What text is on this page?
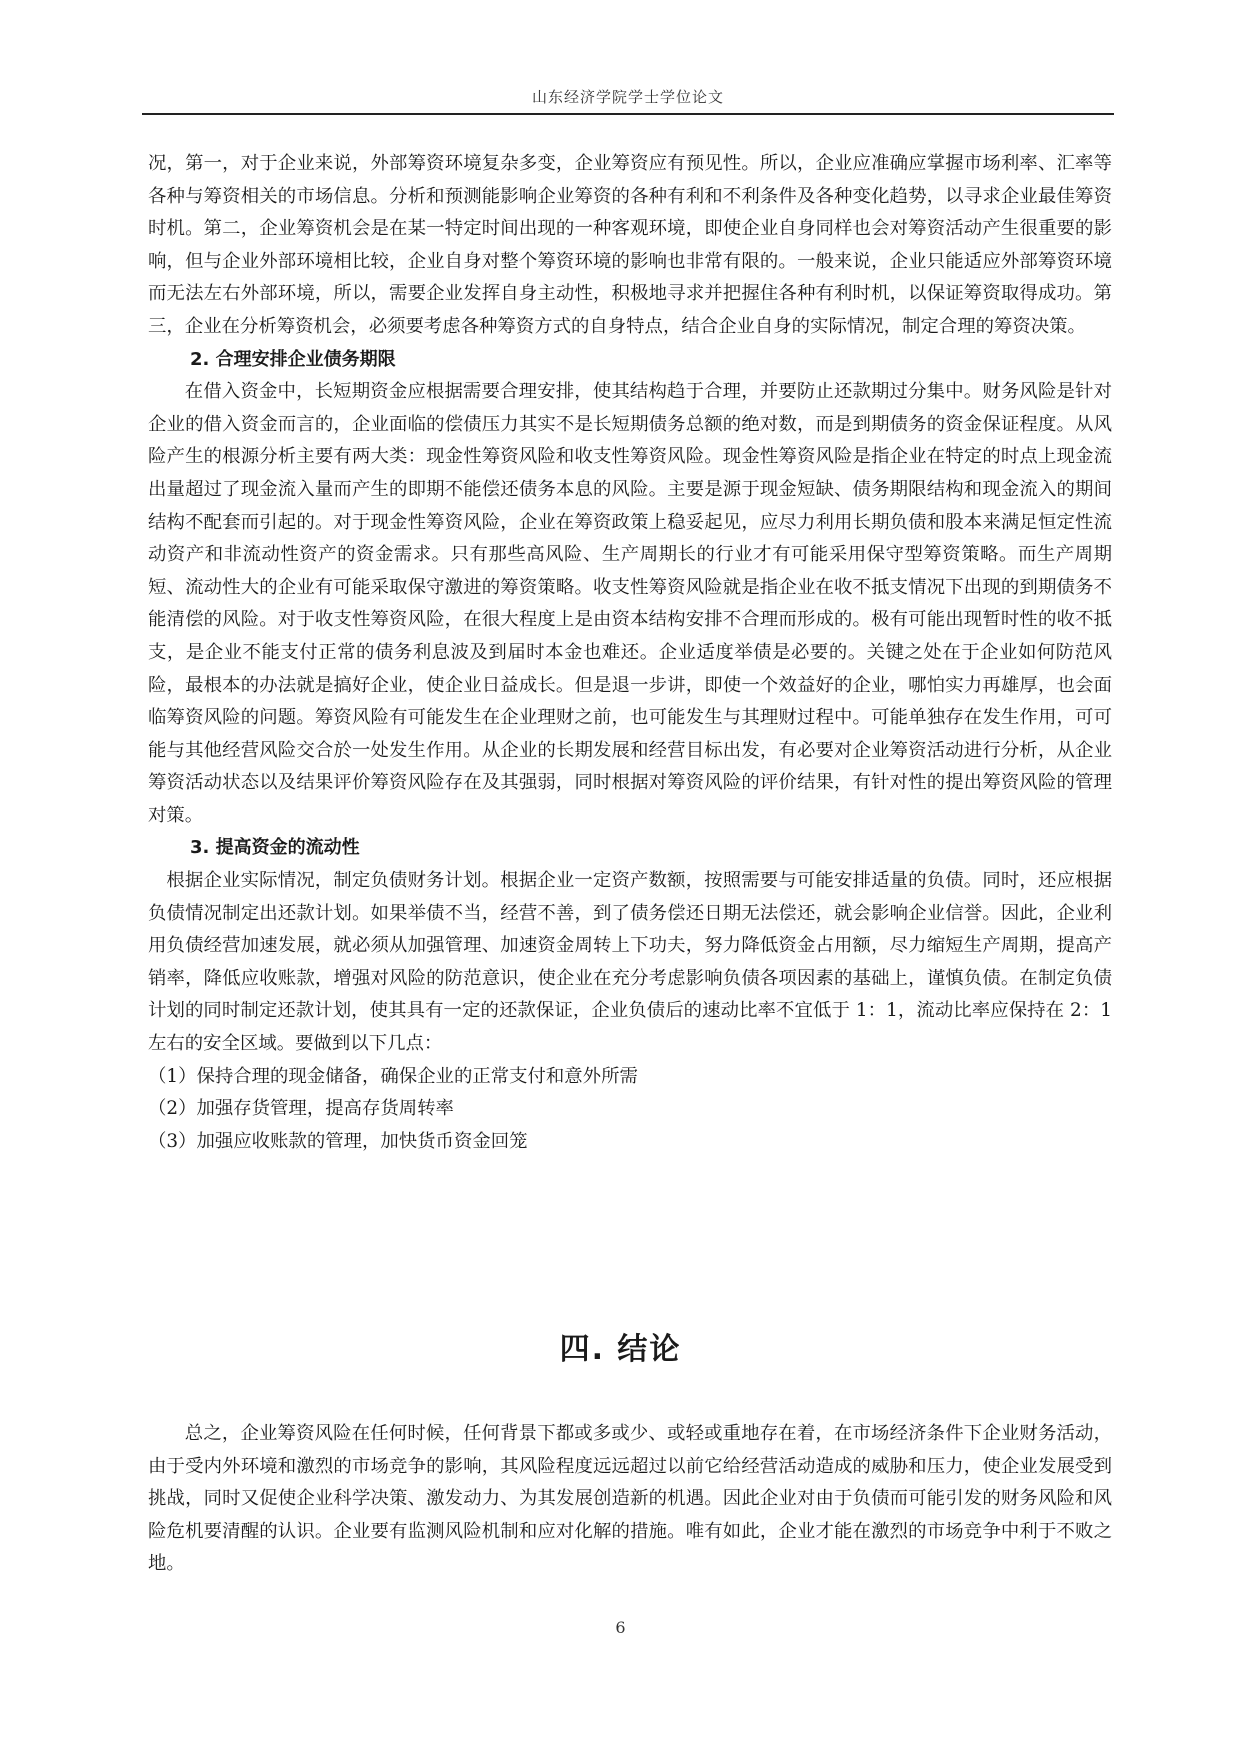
山东经济学院学士学位论文

况，第一，对于企业来说，外部筹资环境复杂多变，企业筹资应有预见性。所以，企业应准确应掌握市场利率、汇率等各种与筹资相关的市场信息。分析和预测能影响企业筹资的各种有利和不利条件及各种变化趋势，以寻求企业最佳筹资时机。第二，企业筹资机会是在某一特定时间出现的一种客观环境，即使企业自身同样也会对筹资活动产生很重要的影响，但与企业外部环境相比较，企业自身对整个筹资环境的影响也非常有限的。一般来说，企业只能适应外部筹资环境而无法左右外部环境，所以，需要企业发挥自身主动性，积极地寻求并把握住各种有利时机，以保证筹资取得成功。第三，企业在分析筹资机会，必须要考虑各种筹资方式的自身特点，结合企业自身的实际情况，制定合理的筹资决策。

2. 合理安排企业债务期限

在借入资金中，长短期资金应根据需要合理安排，使其结构趋于合理，并要防止还款期过分集中。财务风险是针对企业的借入资金而言的，企业面临的偿债压力其实不是长短期债务总额的绝对数，而是到期债务的资金保证程度。从风险产生的根源分析主要有两大类：现金性筹资风险和收支性筹资风险。现金性筹资风险是指企业在特定的时点上现金流出量超过了现金流入量而产生的即期不能偿还债务本息的风险。主要是源于现金短缺、债务期限结构和现金流入的期间结构不配套而引起的。对于现金性筹资风险，企业在筹资政策上稳妥起见，应尽力利用长期负债和股本来满足恒定性流动资产和非流动性资产的资金需求。只有那些高风险、生产周期长的行业才有可能采用保守型筹资策略。而生产周期短、流动性大的企业有可能采取保守激进的筹资策略。收支性筹资风险就是指企业在收不抵支情况下出现的到期债务不能清偿的风险。对于收支性筹资风险，在很大程度上是由资本结构安排不合理而形成的。极有可能出现暂时性的收不抵支，是企业不能支付正常的债务利息波及到届时本金也难还。企业适度举债是必要的。关键之处在于企业如何防范风险，最根本的办法就是搞好企业，使企业日益成长。但是退一步讲，即使一个效益好的企业，哪怕实力再雄厚，也会面临筹资风险的问题。筹资风险有可能发生在企业理财之前，也可能发生与其理财过程中。可能单独存在发生作用，可可能与其他经营风险交合於一处发生作用。从企业的长期发展和经营目标出发，有必要对企业筹资活动进行分析，从企业筹资活动状态以及结果评价筹资风险存在及其强弱，同时根据对筹资风险的评价结果，有针对性的提出筹资风险的管理对策。

3. 提高资金的流动性

根据企业实际情况，制定负债财务计划。根据企业一定资产数额，按照需要与可能安排适量的负债。同时，还应根据负债情况制定出还款计划。如果举债不当，经营不善，到了债务偿还日期无法偿还，就会影响企业信誉。因此，企业利用负债经营加速发展，就必须从加强管理、加速资金周转上下功夫，努力降低资金占用额，尽力缩短生产周期，提高产销率，降低应收账款，增强对风险的防范意识，使企业在充分考虑影响负债各项因素的基础上，谨慎负债。在制定负债计划的同时制定还款计划，使其具有一定的还款保证，企业负债后的速动比率不宜低于 1：1，流动比率应保持在 2：1 左右的安全区域。要做到以下几点：

（1）保持合理的现金储备，确保企业的正常支付和意外所需

（2）加强存货管理，提高存货周转率

（3）加强应收账款的管理，加快货币资金回笼

四. 结论

总之，企业筹资风险在任何时候，任何背景下都或多或少、或轻或重地存在着，在市场经济条件下企业财务活动，由于受内外环境和激烈的市场竞争的影响，其风险程度远远超过以前它给经营活动造成的威胁和压力，使企业发展受到挑战，同时又促使企业科学决策、激发动力、为其发展创造新的机遇。因此企业对由于负债而可能引发的财务风险和风险危机要清醒的认识。企业要有监测风险机制和应对化解的措施。唯有如此，企业才能在激烈的市场竞争中利于不败之地。

6
